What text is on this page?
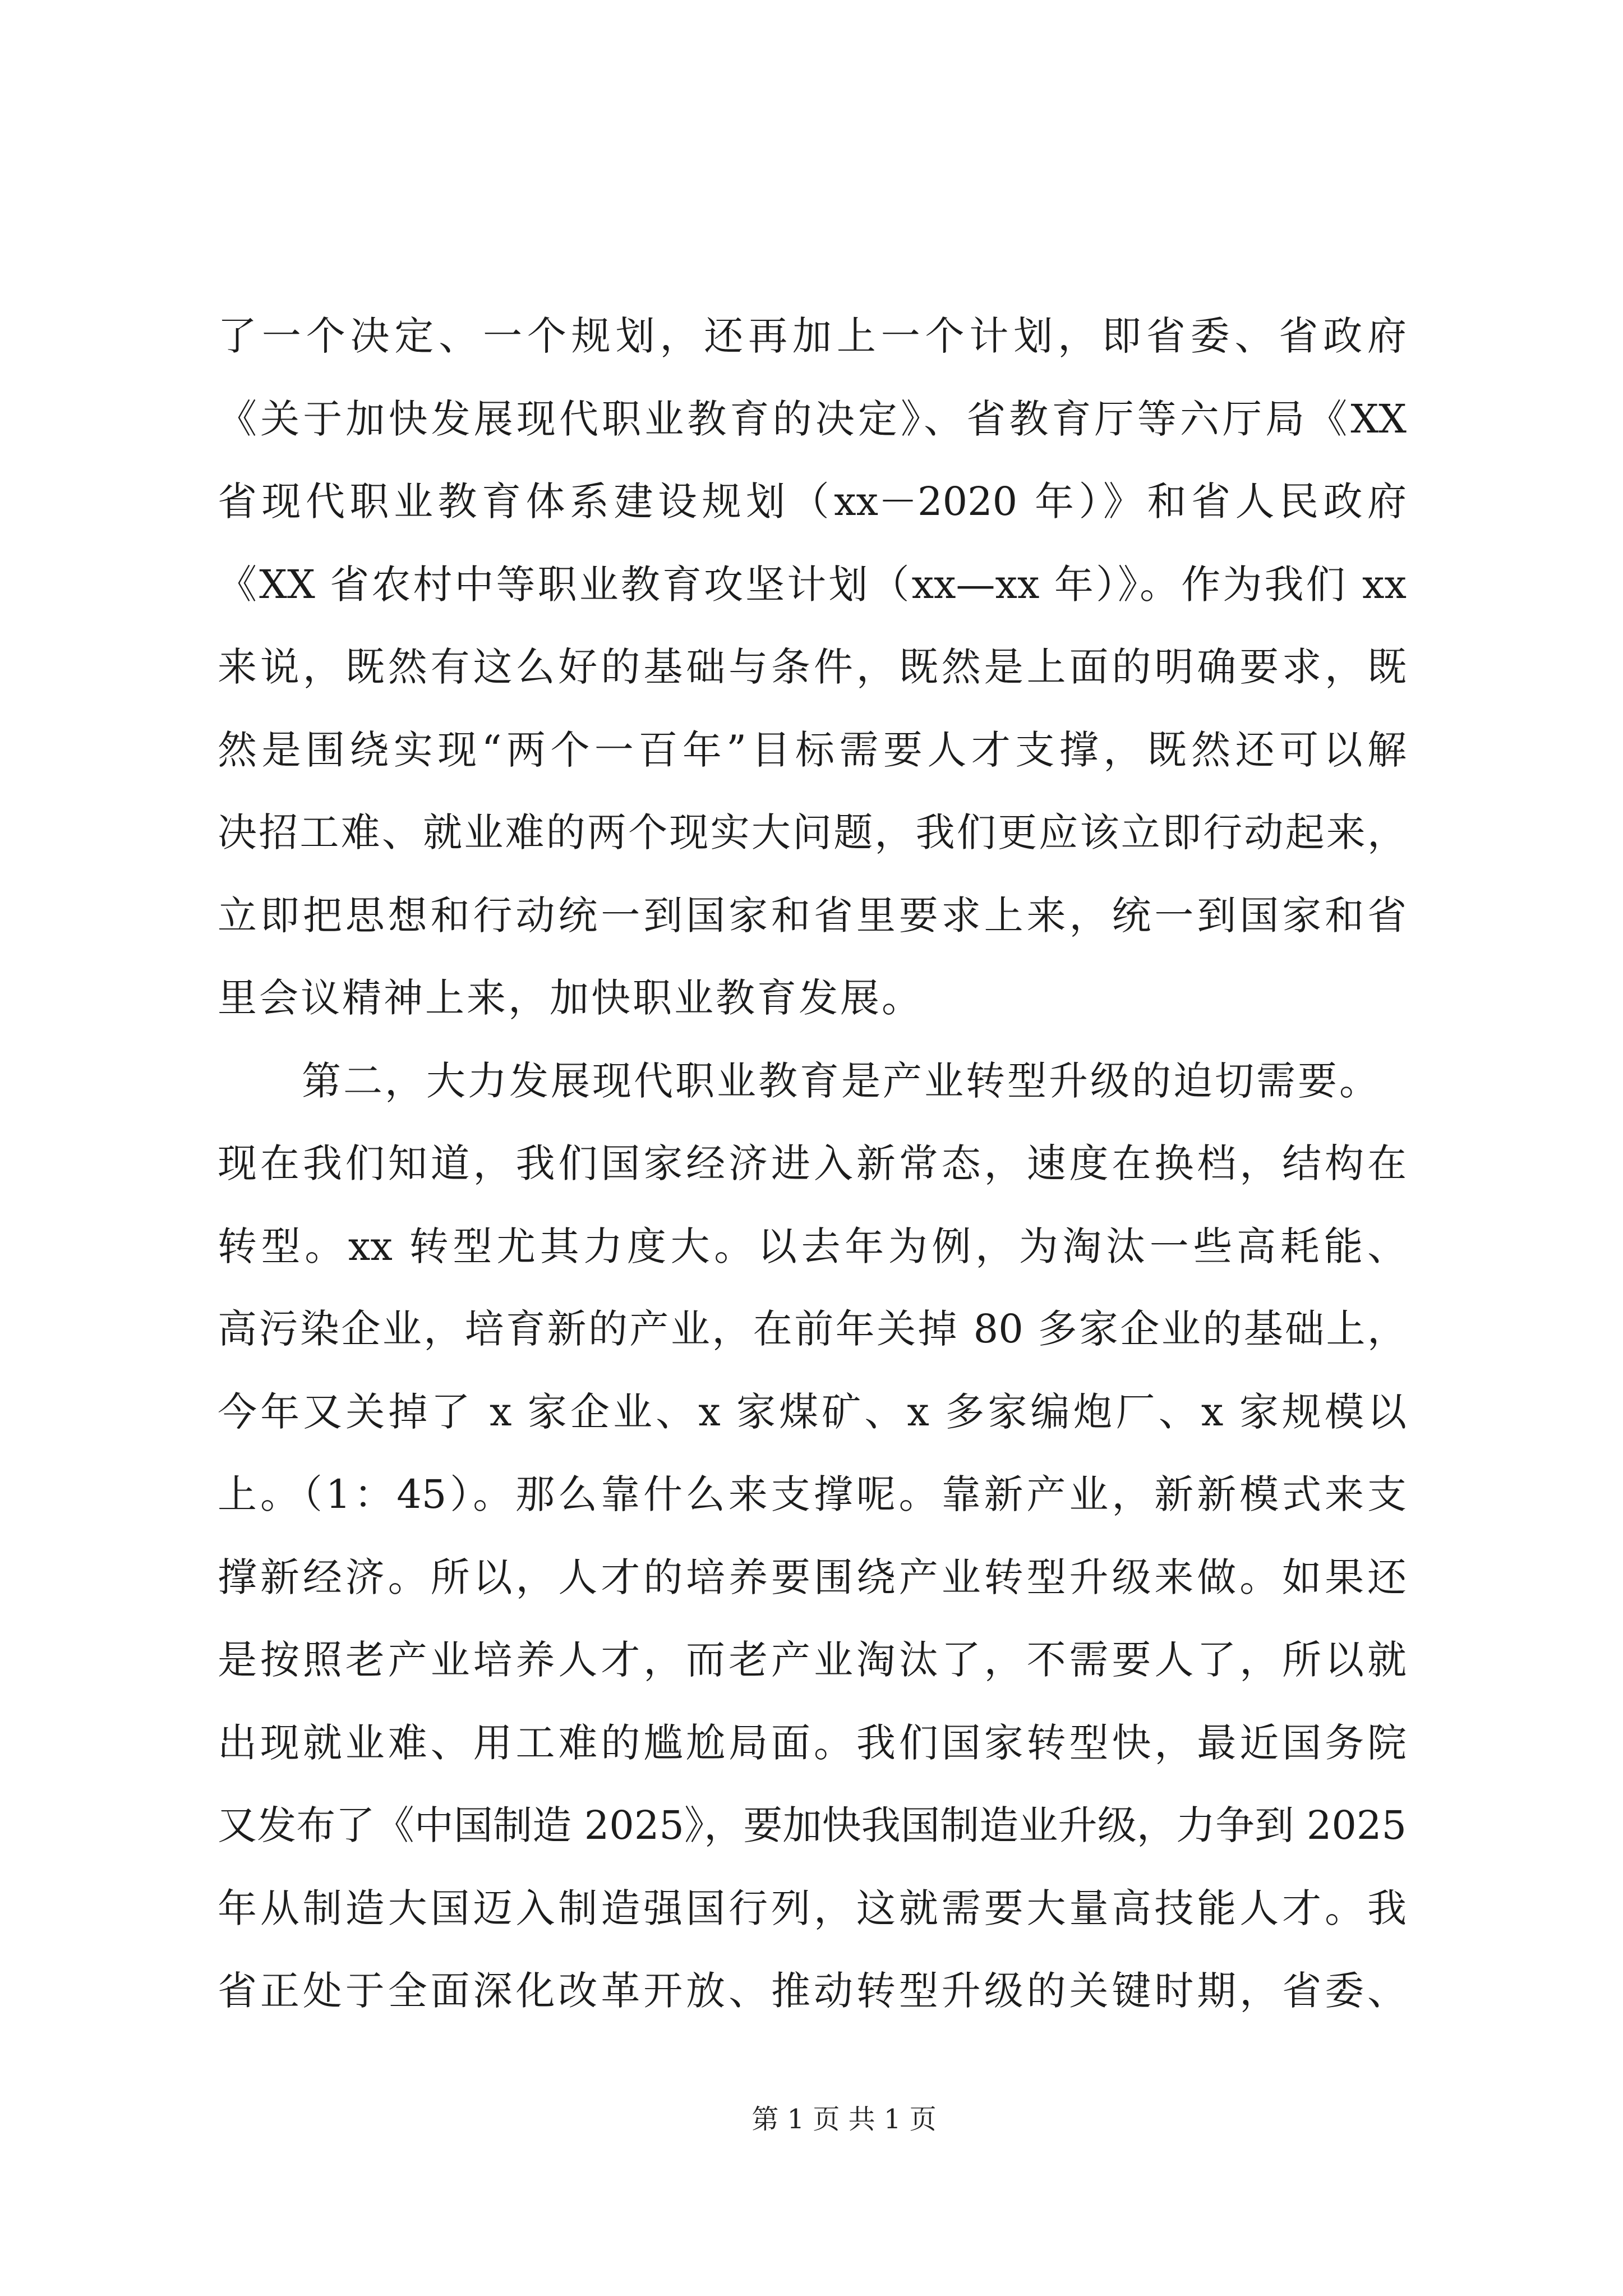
了一个决定、一个规划，还再加上一个计划，即省委、省政府
《关于加快发展现代职业教育的决定》、省教育厅等六厅局《XX
省现代职业教育体系建设规划（xx－2020 年）》和省人民政府
《XX 省农村中等职业教育攻坚计划（xx—xx 年）》。作为我们 xx
来说，既然有这么好的基础与条件，既然是上面的明确要求，既
然是围绕实现“两个一百年”目标需要人才支撑，既然还可以解
决招工难、就业难的两个现实大问题，我们更应该立即行动起来，
立即把思想和行动统一到国家和省里要求上来，统一到国家和省
里会议精神上来，加快职业教育发展。
第二，大力发展现代职业教育是产业转型升级的迫切需要。
现在我们知道，我们国家经济进入新常态，速度在换档，结构在
转型。xx 转型尤其力度大。以去年为例，为淘汰一些高耗能、
高污染企业，培育新的产业，在前年关掉 80 多家企业的基础上，
今年又关掉了 x 家企业、x 家煤矿、x 多家编炮厂、x 家规模以
上。（1：45）。那么靠什么来支撑呢。靠新产业，新新模式来支
撑新经济。所以，人才的培养要围绕产业转型升级来做。如果还
是按照老产业培养人才，而老产业淘汰了，不需要人了，所以就
出现就业难、用工难的尴尬局面。我们国家转型快，最近国务院
又发布了《中国制造 2025》，要加快我国制造业升级，力争到 2025
年从制造大国迈入制造强国行列，这就需要大量高技能人才。我
省正处于全面深化改革开放、推动转型升级的关键时期，省委、
第 1 页 共 1 页
